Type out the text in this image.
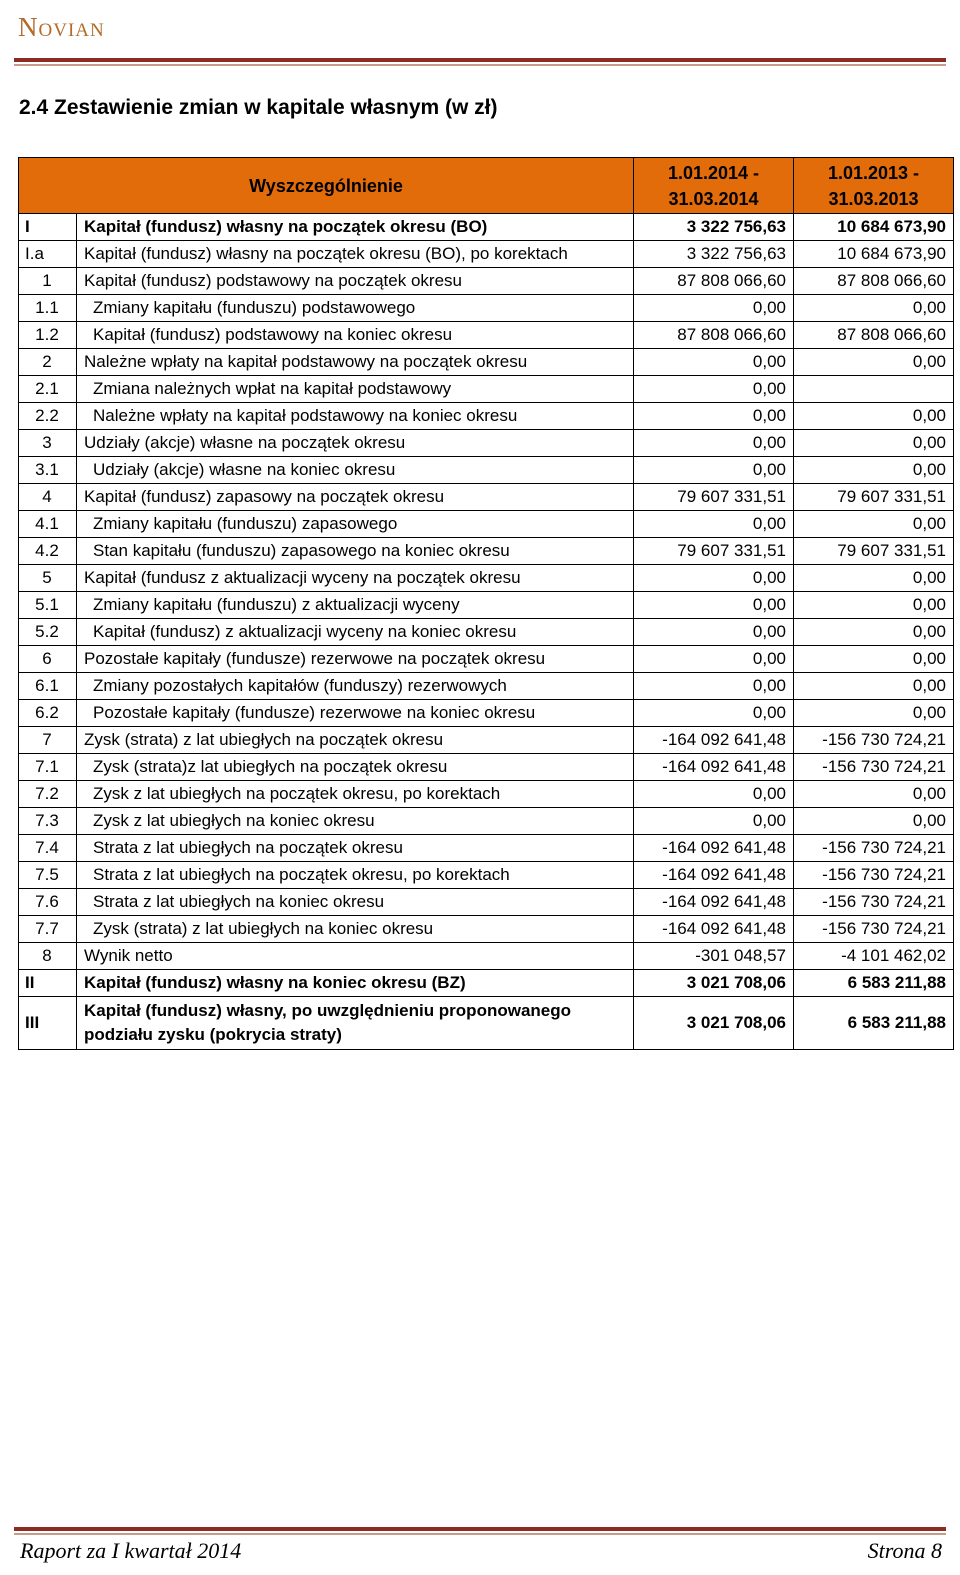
Novian
2.4 Zestawienie zmian w kapitale własnym (w zł)
Wyszczególnienie		1.01.2014 - 31.03.2014	1.01.2013 - 31.03.2013
I	Kapitał (fundusz) własny na początek okresu (BO)	3 322 756,63	10 684 673,90
I.a	Kapitał (fundusz) własny na początek okresu (BO), po korektach	3 322 756,63	10 684 673,90
1	Kapitał (fundusz) podstawowy na początek okresu	87 808 066,60	87 808 066,60
1.1	Zmiany kapitału (funduszu) podstawowego	0,00	0,00
1.2	Kapitał (fundusz) podstawowy na koniec okresu	87 808 066,60	87 808 066,60
2	Należne wpłaty na kapitał podstawowy na początek okresu	0,00	0,00
2.1	Zmiana należnych wpłat na kapitał podstawowy	0,00	
2.2	Należne wpłaty na kapitał podstawowy na koniec okresu	0,00	0,00
3	Udziały (akcje) własne na początek okresu	0,00	0,00
3.1	Udziały (akcje) własne na koniec okresu	0,00	0,00
4	Kapitał (fundusz) zapasowy na początek okresu	79 607 331,51	79 607 331,51
4.1	Zmiany kapitału (funduszu) zapasowego	0,00	0,00
4.2	Stan kapitału (funduszu) zapasowego na koniec okresu	79 607 331,51	79 607 331,51
5	Kapitał (fundusz z aktualizacji wyceny na początek okresu	0,00	0,00
5.1	Zmiany kapitału (funduszu) z aktualizacji wyceny	0,00	0,00
5.2	Kapitał (fundusz) z aktualizacji wyceny na koniec okresu	0,00	0,00
6	Pozostałe kapitały (fundusze) rezerwowe na początek okresu	0,00	0,00
6.1	Zmiany pozostałych kapitałów (funduszy) rezerwowych	0,00	0,00
6.2	Pozostałe kapitały (fundusze) rezerwowe na koniec okresu	0,00	0,00
7	Zysk (strata) z lat ubiegłych na początek okresu	-164 092 641,48	-156 730 724,21
7.1	Zysk (strata)z lat ubiegłych na początek okresu	-164 092 641,48	-156 730 724,21
7.2	Zysk z lat ubiegłych na początek okresu, po korektach	0,00	0,00
7.3	Zysk z lat ubiegłych na koniec okresu	0,00	0,00
7.4	Strata z lat ubiegłych na początek okresu	-164 092 641,48	-156 730 724,21
7.5	Strata z lat ubiegłych na początek okresu, po korektach	-164 092 641,48	-156 730 724,21
7.6	Strata z lat ubiegłych na koniec okresu	-164 092 641,48	-156 730 724,21
7.7	Zysk (strata) z lat ubiegłych na koniec okresu	-164 092 641,48	-156 730 724,21
8	Wynik netto	-301 048,57	-4 101 462,02
II	Kapitał (fundusz) własny na koniec okresu (BZ)	3 021 708,06	6 583 211,88
III	Kapitał (fundusz) własny, po uwzględnieniu proponowanego podziału zysku (pokrycia straty)	3 021 708,06	6 583 211,88
Raport za I kwartał 2014	Strona 8
